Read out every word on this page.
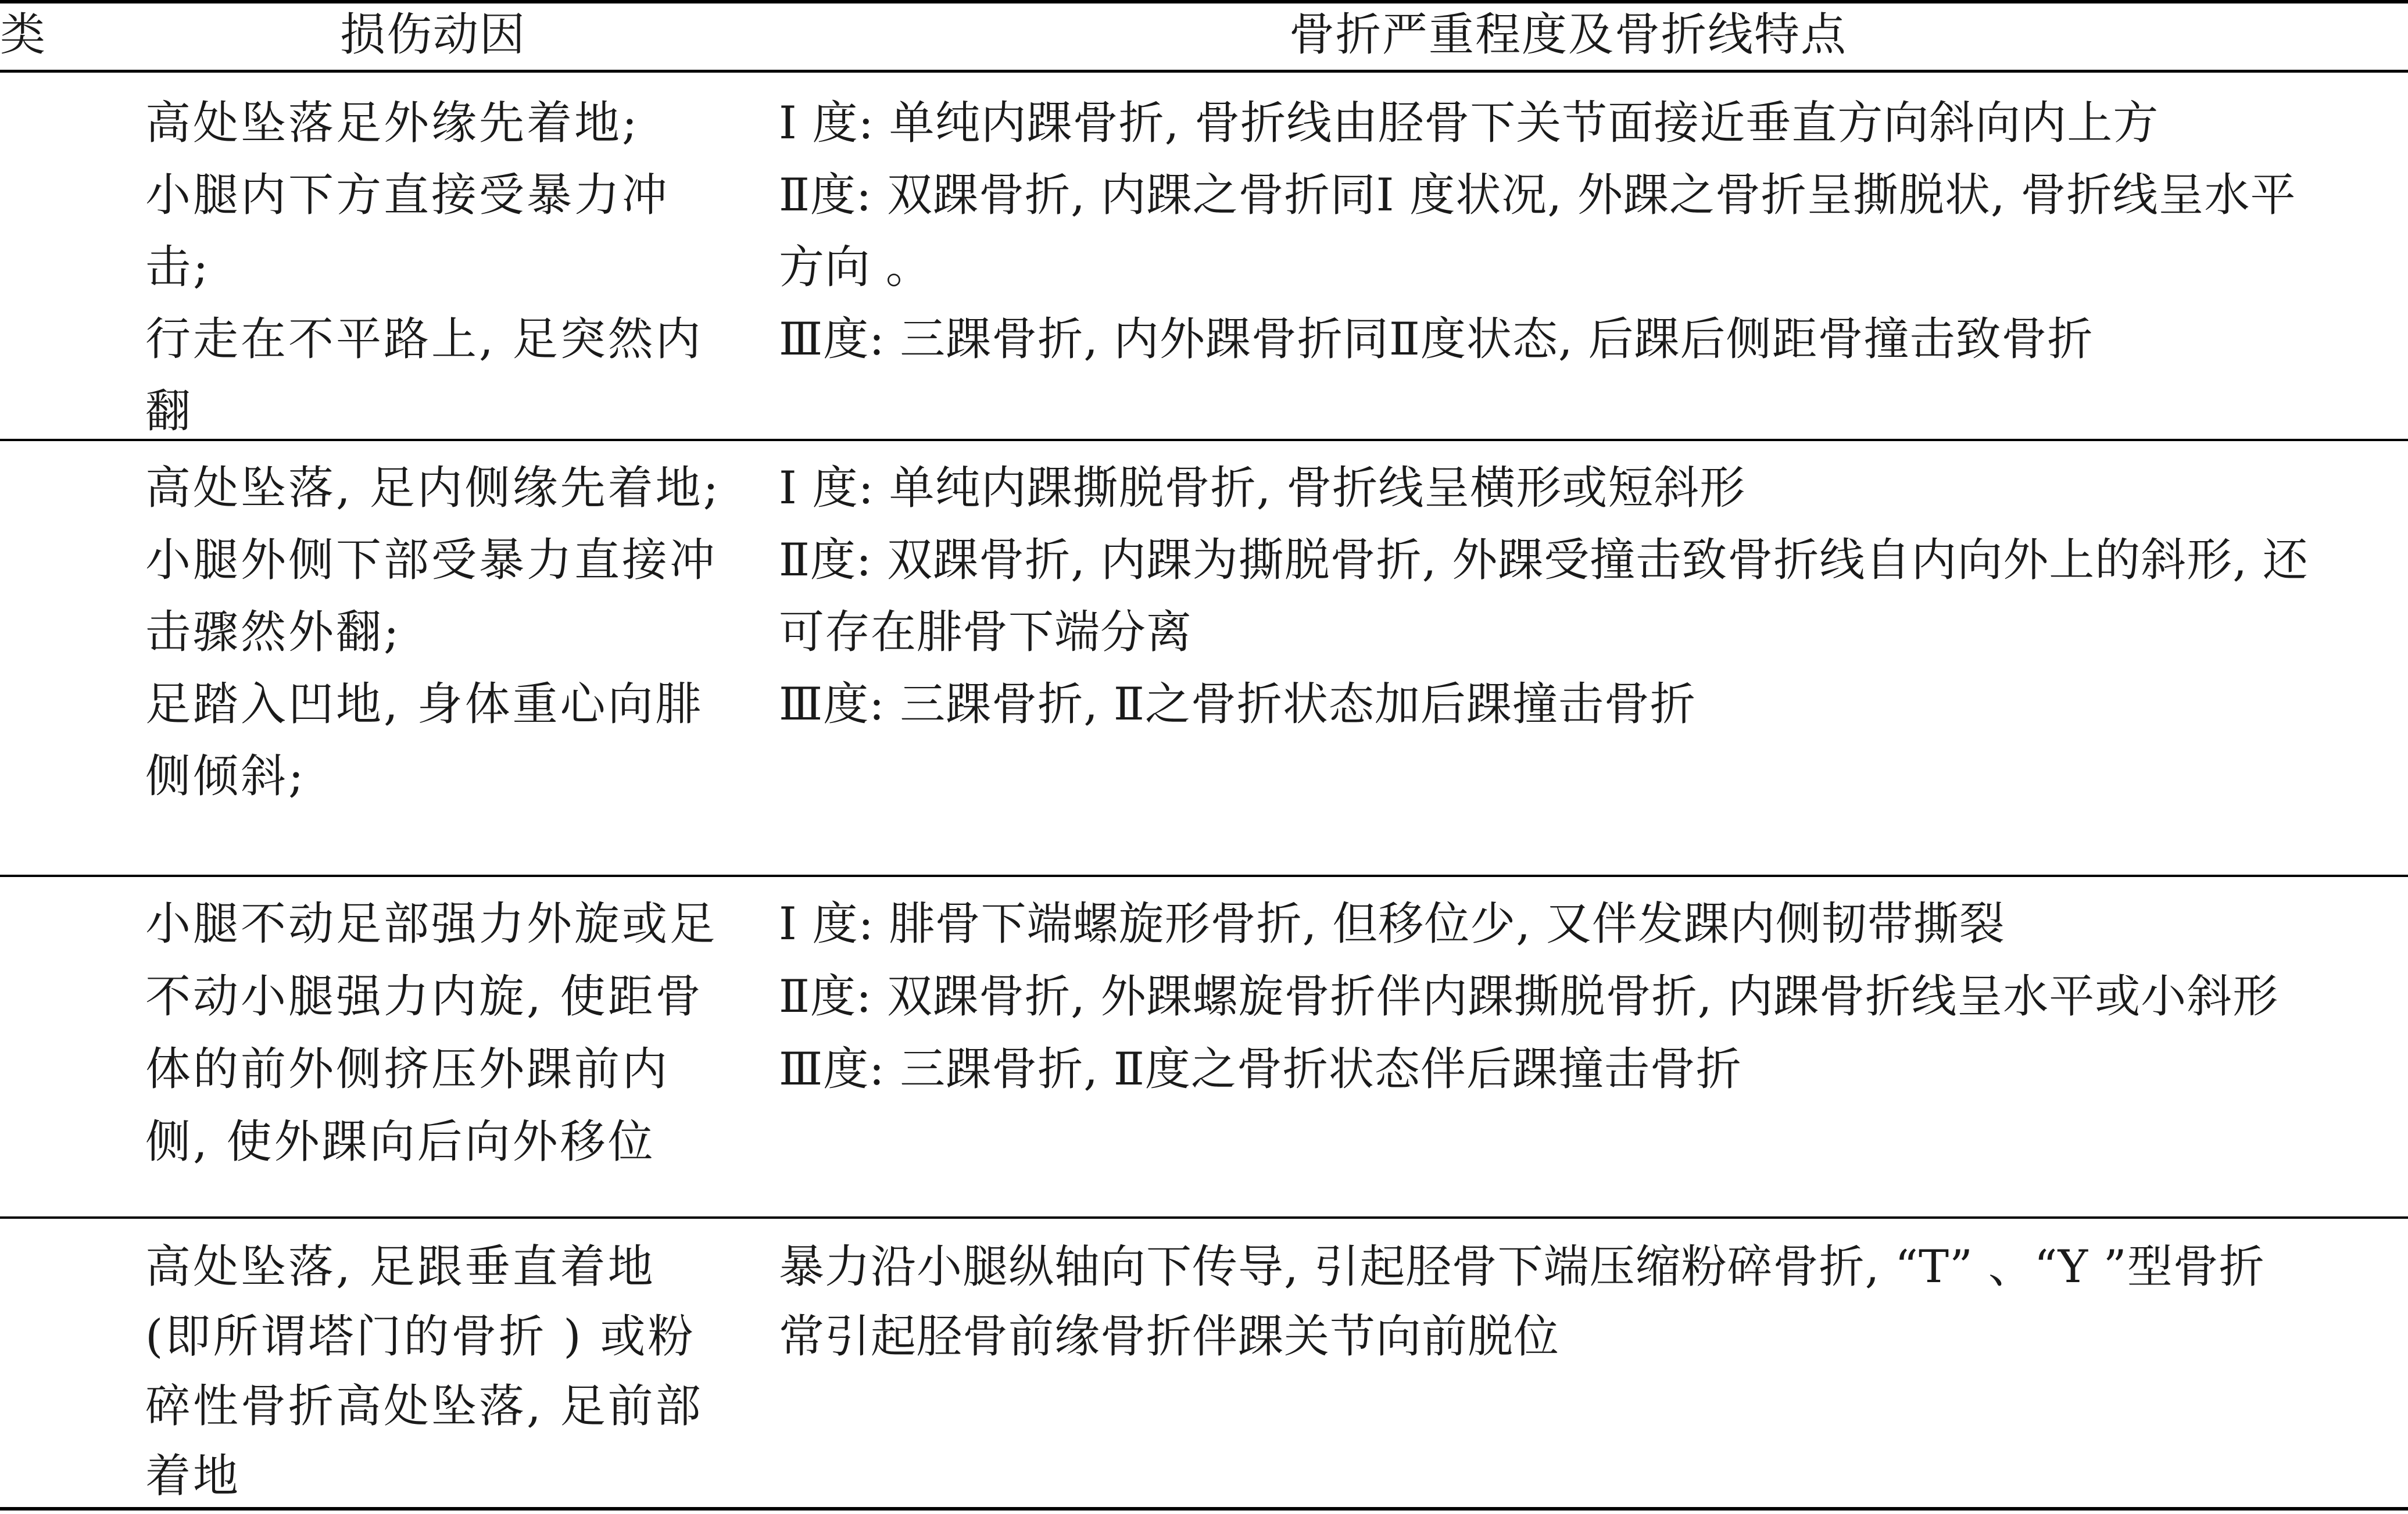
类	损伤动因	骨折严重程度及骨折线特点
高处坠落足外缘先着地;
小腿内下方直接受暴力冲
击;
行走在不平路上, 足突然内
翻
Ⅰ 度: 单纯内踝骨折, 骨折线由胫骨下关节面接近垂直方向斜向内上方
Ⅱ度: 双踝骨折, 内踝之骨折同Ⅰ 度状况, 外踝之骨折呈撕脱状, 骨折线呈水平
方向 。
Ⅲ度: 三踝骨折, 内外踝骨折同Ⅱ度状态, 后踝后侧距骨撞击致骨折
高处坠落, 足内侧缘先着地;
小腿外侧下部受暴力直接冲
击骤然外翻;
足踏入凹地, 身体重心向腓
侧倾斜;
Ⅰ 度: 单纯内踝撕脱骨折, 骨折线呈横形或短斜形
Ⅱ度: 双踝骨折, 内踝为撕脱骨折, 外踝受撞击致骨折线自内向外上的斜形, 还
可存在腓骨下端分离
Ⅲ度: 三踝骨折, Ⅱ之骨折状态加后踝撞击骨折
小腿不动足部强力外旋或足
不动小腿强力内旋, 使距骨
体的前外侧挤压外踝前内
侧, 使外踝向后向外移位
Ⅰ 度: 腓骨下端螺旋形骨折, 但移位少, 又伴发踝内侧韧带撕裂
Ⅱ度: 双踝骨折, 外踝螺旋骨折伴内踝撕脱骨折, 内踝骨折线呈水平或小斜形
Ⅲ度: 三踝骨折, Ⅱ度之骨折状态伴后踝撞击骨折
高处坠落, 足跟垂直着地
(即所谓塔门的骨折 ) 或粉
碎性骨折高处坠落, 足前部
着地
暴力沿小腿纵轴向下传导, 引起胫骨下端压缩粉碎骨折, “T” 、“Y ”型骨折
常引起胫骨前缘骨折伴踝关节向前脱位
